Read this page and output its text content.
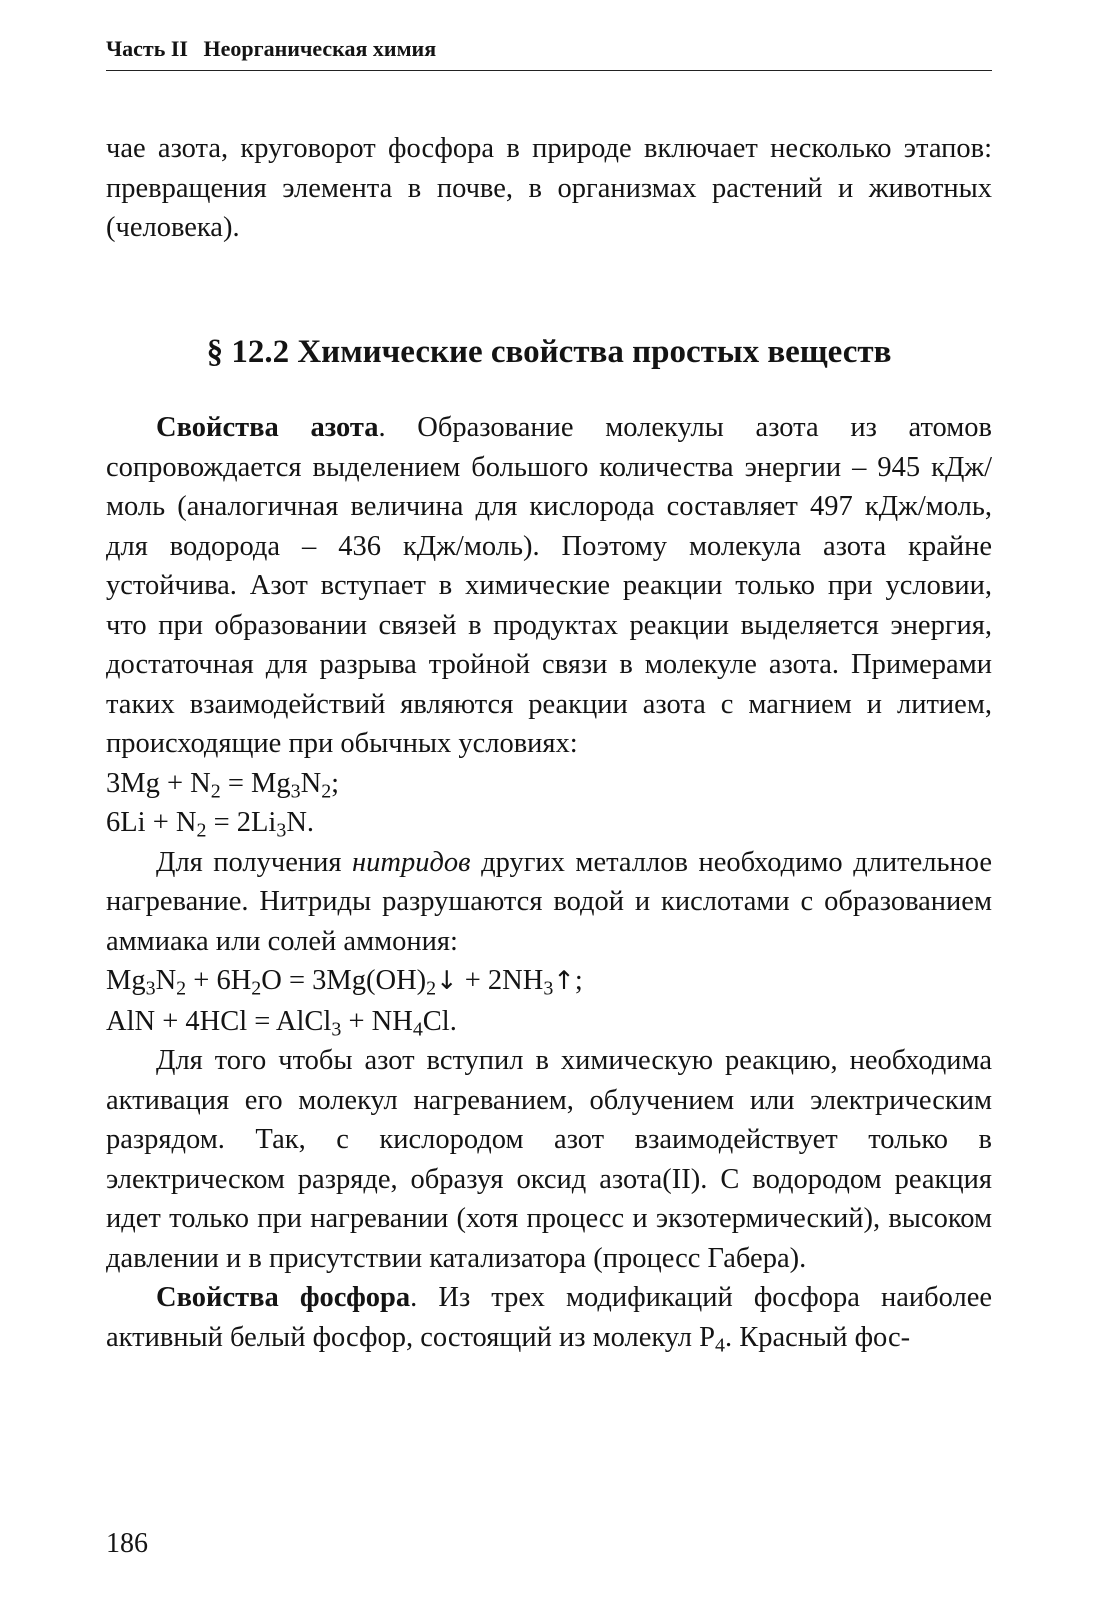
Часть II Неорганическая химия

чае азота, круговорот фосфора в природе включает несколько этапов: превращения элемента в почве, в организмах растений и животных (человека).

§ 12.2 Химические свойства простых веществ

Свойства азота. Образование молекулы азота из атомов сопровождается выделением большого количества энергии – 945 кДж/моль (аналогичная величина для кислорода составляет 497 кДж/моль, для водорода – 436 кДж/моль). Поэтому молекула азота крайне устойчива. Азот вступает в химические реакции только при условии, что при образовании связей в продуктах реакции выделяется энергия, достаточная для разрыва тройной связи в молекуле азота. Примерами таких взаимодействий являются реакции азота с магнием и литием, происходящие при обычных условиях:

$3Mg + N_2 = Mg_3N_2$;

$6Li + N_2 = 2Li_3N$.

Для получения нитридов других металлов необходимо длительное нагревание. Нитриды разрушаются водой и кислотами с образованием аммиака или солей аммония:

$Mg_3N_2 + 6H_2O$ = $3Mg(OH)_2↓$ + $2NH_3↑$;

AlN + 4HCl = AlCl$_3$ + $NH_4Cl$.

Для того чтобы азот вступил в химическую реакцию, необходима активация его молекул нагреванием, облучением или электрическим разрядом. Так, с кислородом азот взаимодействует только в электрическом разряде, образуя оксид азота(II). С водородом реакция идет только при нагревании (хотя процесс и экзотермический), высоком давлении и в присутствии катализатора (процесс Габера).

Свойства фосфора. Из трех модификаций фосфора наиболее активный белый фосфор, состоящий из молекул $P_4$. Красный фос-

186
